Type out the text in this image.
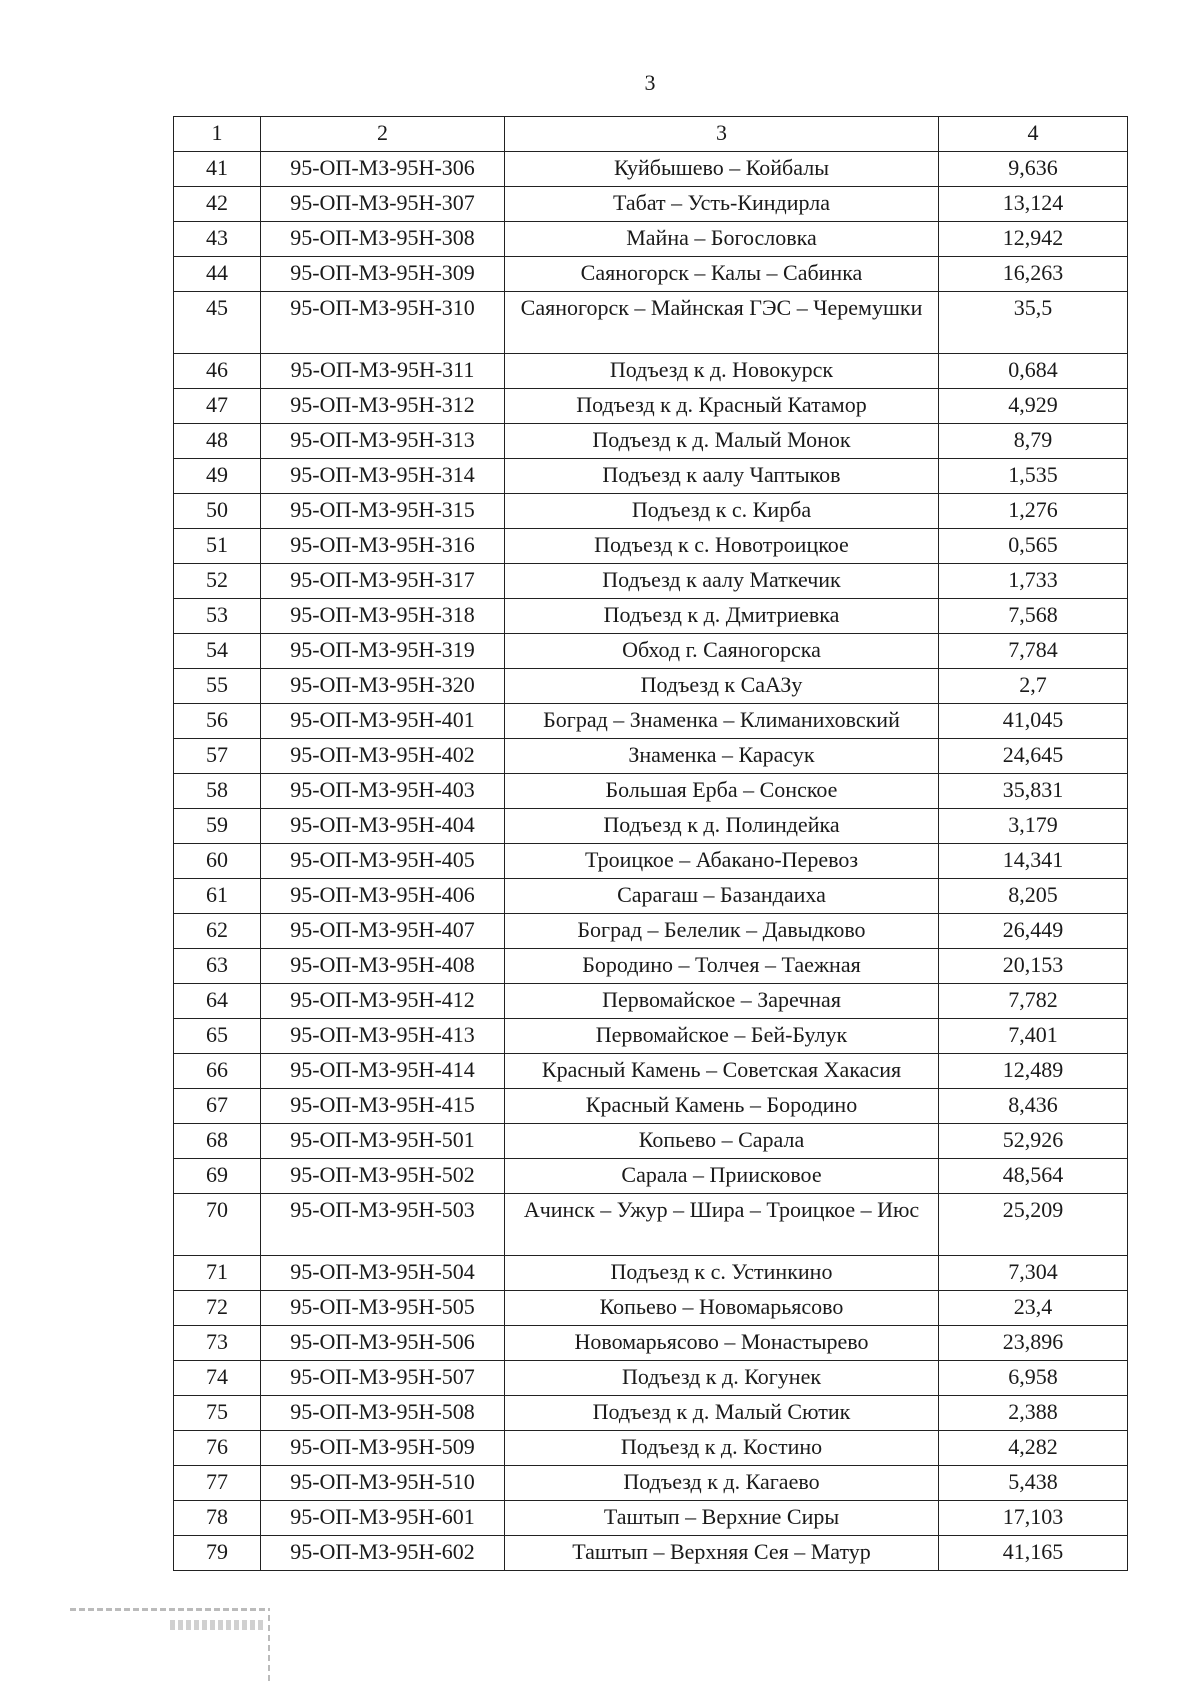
3
1	2	3	4
41	95-ОП-МЗ-95Н-306	Куйбышево – Койбалы	9,636
42	95-ОП-МЗ-95Н-307	Табат – Усть-Киндирла	13,124
43	95-ОП-МЗ-95Н-308	Майна – Богословка	12,942
44	95-ОП-МЗ-95Н-309	Саяногорск – Калы – Сабинка	16,263
45	95-ОП-МЗ-95Н-310	Саяногорск – Майнская ГЭС – Черемушки	35,5
46	95-ОП-МЗ-95Н-311	Подъезд к д. Новокурск	0,684
47	95-ОП-МЗ-95Н-312	Подъезд к д. Красный Катамор	4,929
48	95-ОП-МЗ-95Н-313	Подъезд к д. Малый Монок	8,79
49	95-ОП-МЗ-95Н-314	Подъезд к аалу Чаптыков	1,535
50	95-ОП-МЗ-95Н-315	Подъезд к с. Кирба	1,276
51	95-ОП-МЗ-95Н-316	Подъезд к с. Новотроицкое	0,565
52	95-ОП-МЗ-95Н-317	Подъезд к аалу Маткечик	1,733
53	95-ОП-МЗ-95Н-318	Подъезд к д. Дмитриевка	7,568
54	95-ОП-МЗ-95Н-319	Обход г. Саяногорска	7,784
55	95-ОП-МЗ-95Н-320	Подъезд к СаАЗу	2,7
56	95-ОП-МЗ-95Н-401	Боград – Знаменка – Климаниховский	41,045
57	95-ОП-МЗ-95Н-402	Знаменка – Карасук	24,645
58	95-ОП-МЗ-95Н-403	Большая Ерба – Сонское	35,831
59	95-ОП-МЗ-95Н-404	Подъезд к д. Полиндейка	3,179
60	95-ОП-МЗ-95Н-405	Троицкое – Абакано-Перевоз	14,341
61	95-ОП-МЗ-95Н-406	Сарагаш – Базандаиха	8,205
62	95-ОП-МЗ-95Н-407	Боград – Белелик – Давыдково	26,449
63	95-ОП-МЗ-95Н-408	Бородино – Толчея – Таежная	20,153
64	95-ОП-МЗ-95Н-412	Первомайское – Заречная	7,782
65	95-ОП-МЗ-95Н-413	Первомайское – Бей-Булук	7,401
66	95-ОП-МЗ-95Н-414	Красный Камень – Советская Хакасия	12,489
67	95-ОП-МЗ-95Н-415	Красный Камень – Бородино	8,436
68	95-ОП-МЗ-95Н-501	Копьево – Сарала	52,926
69	95-ОП-МЗ-95Н-502	Сарала – Приисковое	48,564
70	95-ОП-МЗ-95Н-503	Ачинск – Ужур – Шира – Троицкое – Июс	25,209
71	95-ОП-МЗ-95Н-504	Подъезд к с. Устинкино	7,304
72	95-ОП-МЗ-95Н-505	Копьево – Новомарьясово	23,4
73	95-ОП-МЗ-95Н-506	Новомарьясово – Монастырево	23,896
74	95-ОП-МЗ-95Н-507	Подъезд к д. Когунек	6,958
75	95-ОП-МЗ-95Н-508	Подъезд к д. Малый Сютик	2,388
76	95-ОП-МЗ-95Н-509	Подъезд к д. Костино	4,282
77	95-ОП-МЗ-95Н-510	Подъезд к д. Кагаево	5,438
78	95-ОП-МЗ-95Н-601	Таштып – Верхние Сиры	17,103
79	95-ОП-МЗ-95Н-602	Таштып – Верхняя Сея – Матур	41,165
